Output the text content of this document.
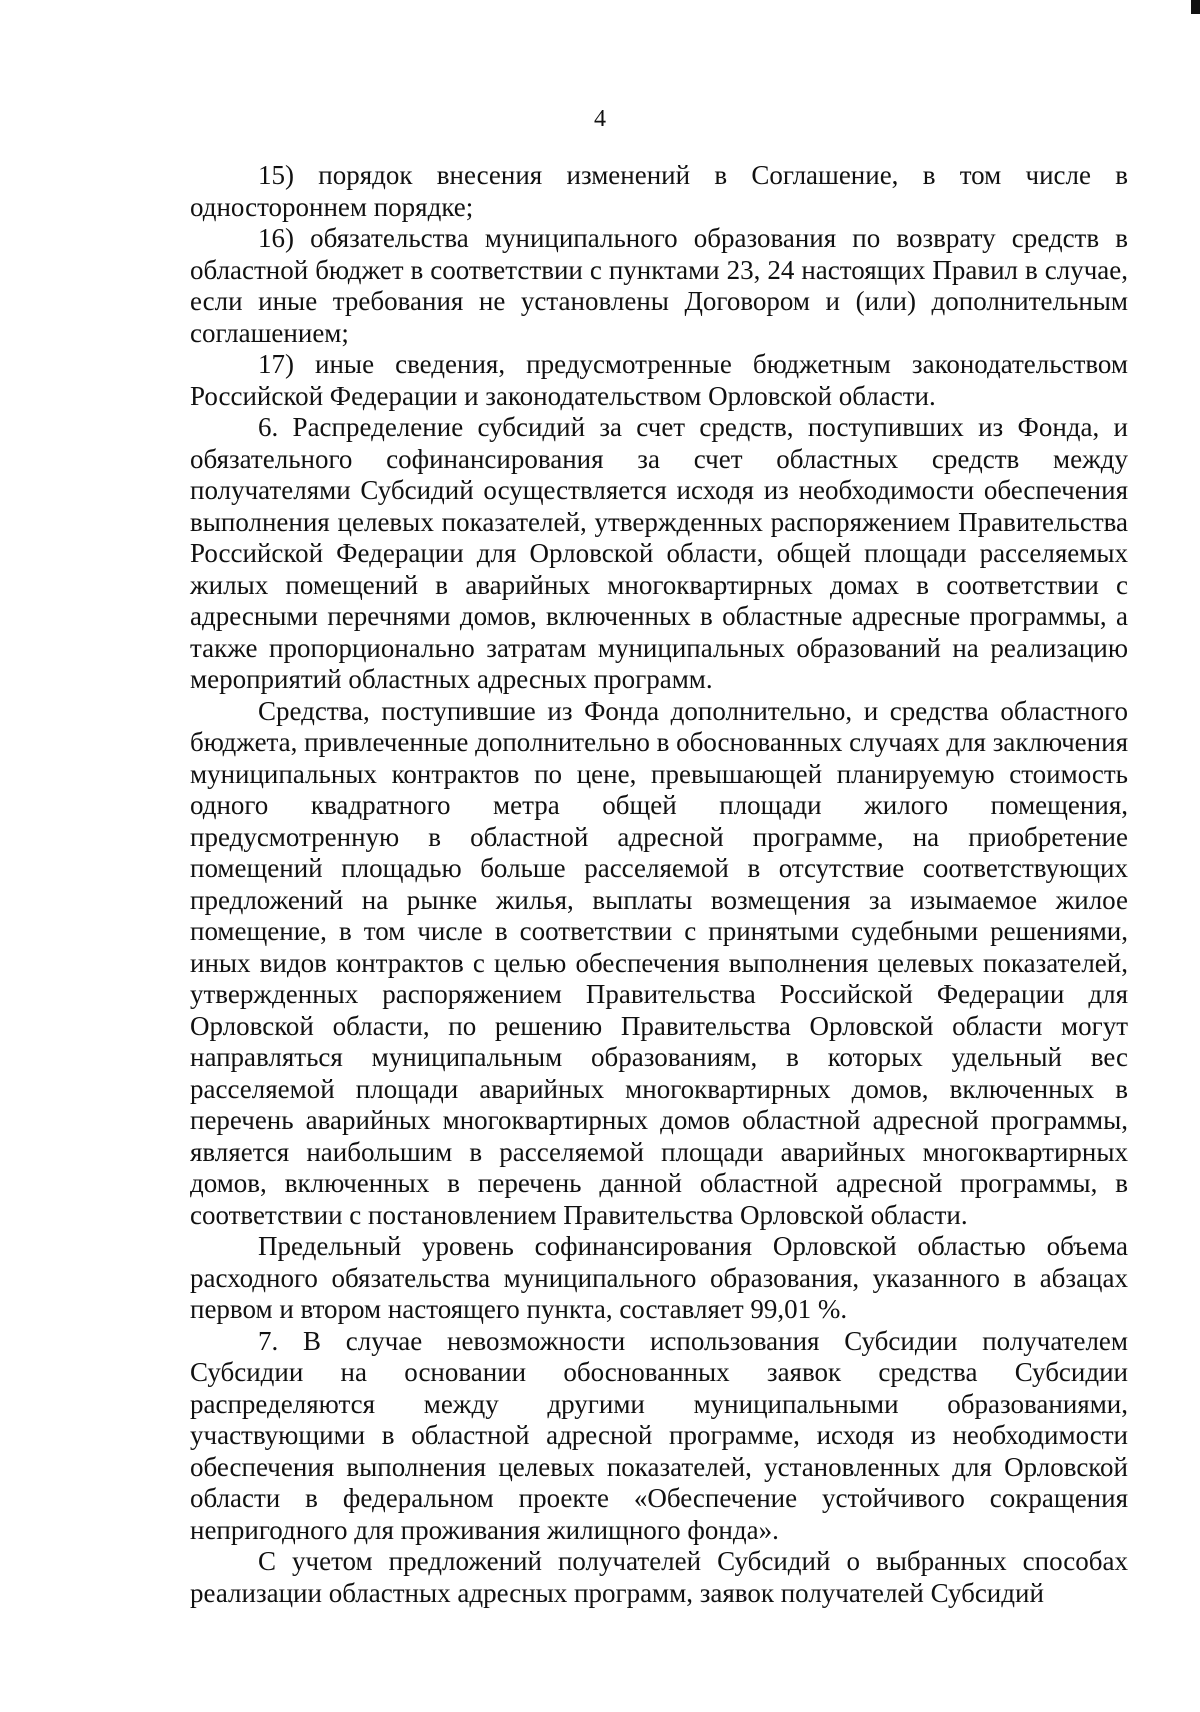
4

15) порядок внесения изменений в Соглашение, в том числе в одностороннем порядке;

16) обязательства муниципального образования по возврату средств в областной бюджет в соответствии с пунктами 23, 24 настоящих Правил в случае, если иные требования не установлены Договором и (или) дополнительным соглашением;

17) иные сведения, предусмотренные бюджетным законодательством Российской Федерации и законодательством Орловской области.

6. Распределение субсидий за счет средств, поступивших из Фонда, и обязательного софинансирования за счет областных средств между получателями Субсидий осуществляется исходя из необходимости обеспечения выполнения целевых показателей, утвержденных распоряжением Правительства Российской Федерации для Орловской области, общей площади расселяемых жилых помещений в аварийных многоквартирных домах в соответствии с адресными перечнями домов, включенных в областные адресные программы, а также пропорционально затратам муниципальных образований на реализацию мероприятий областных адресных программ.

Средства, поступившие из Фонда дополнительно, и средства областного бюджета, привлеченные дополнительно в обоснованных случаях для заключения муниципальных контрактов по цене, превышающей планируемую стоимость одного квадратного метра общей площади жилого помещения, предусмотренную в областной адресной программе, на приобретение помещений площадью больше расселяемой в отсутствие соответствующих предложений на рынке жилья, выплаты возмещения за изымаемое жилое помещение, в том числе в соответствии с принятыми судебными решениями, иных видов контрактов с целью обеспечения выполнения целевых показателей, утвержденных распоряжением Правительства Российской Федерации для Орловской области, по решению Правительства Орловской области могут направляться муниципальным образованиям, в которых удельный вес расселяемой площади аварийных многоквартирных домов, включенных в перечень аварийных многоквартирных домов областной адресной программы, является наибольшим в расселяемой площади аварийных многоквартирных домов, включенных в перечень данной областной адресной программы, в соответствии с постановлением Правительства Орловской области.

Предельный уровень софинансирования Орловской областью объема расходного обязательства муниципального образования, указанного в абзацах первом и втором настоящего пункта, составляет 99,01 %.

7. В случае невозможности использования Субсидии получателем Субсидии на основании обоснованных заявок средства Субсидии распределяются между другими муниципальными образованиями, участвующими в областной адресной программе, исходя из необходимости обеспечения выполнения целевых показателей, установленных для Орловской области в федеральном проекте «Обеспечение устойчивого сокращения непригодного для проживания жилищного фонда».

С учетом предложений получателей Субсидий о выбранных способах реализации областных адресных программ, заявок получателей Субсидий
